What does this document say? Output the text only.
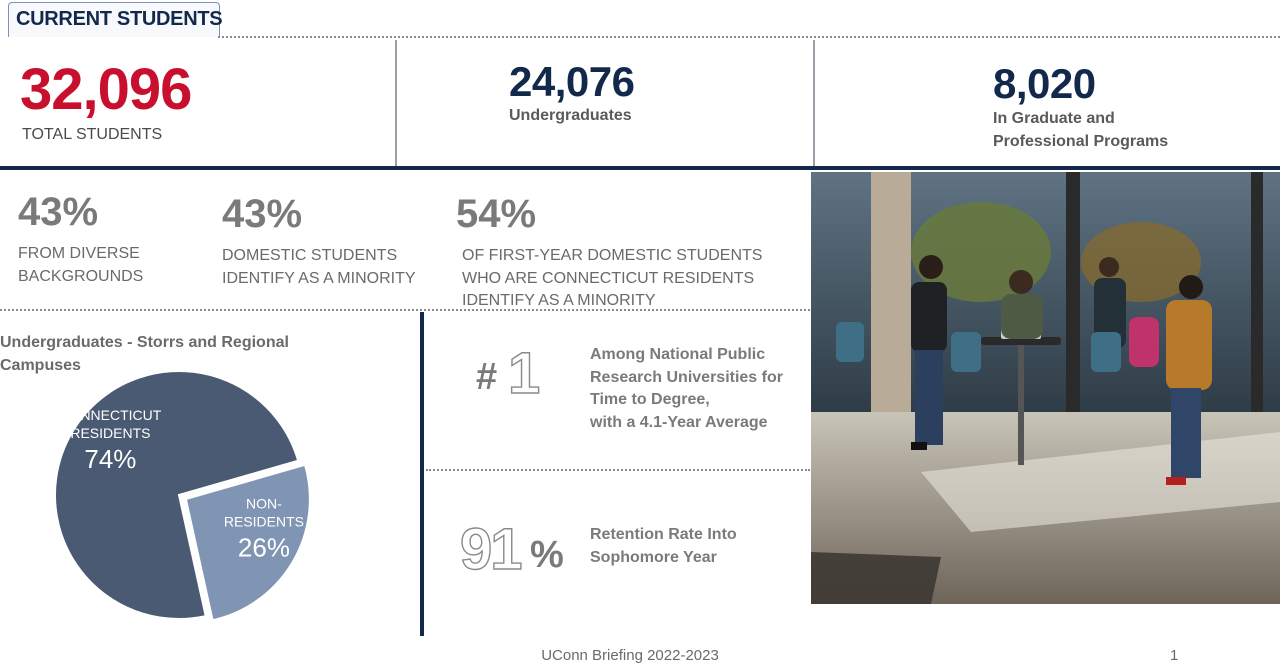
CURRENT STUDENTS
32,096
TOTAL STUDENTS
24,076
Undergraduates
8,020
In Graduate and
Professional Programs
43%
FROM DIVERSE
BACKGROUNDS
43%
DOMESTIC STUDENTS
IDENTIFY AS A MINORITY
54%
OF FIRST-YEAR DOMESTIC STUDENTS
WHO ARE CONNECTICUT RESIDENTS
IDENTIFY AS A MINORITY
Undergraduates - Storrs and Regional Campuses
CONNECTICUT
RESIDENTS
74%
NON-
RESIDENTS
26%
# 1	Among National Public
Research Universities for
Time to Degree,
with a 4.1-Year Average
91 % Retention Rate Into
Sophomore Year
UConn Briefing 2022-2023	1
